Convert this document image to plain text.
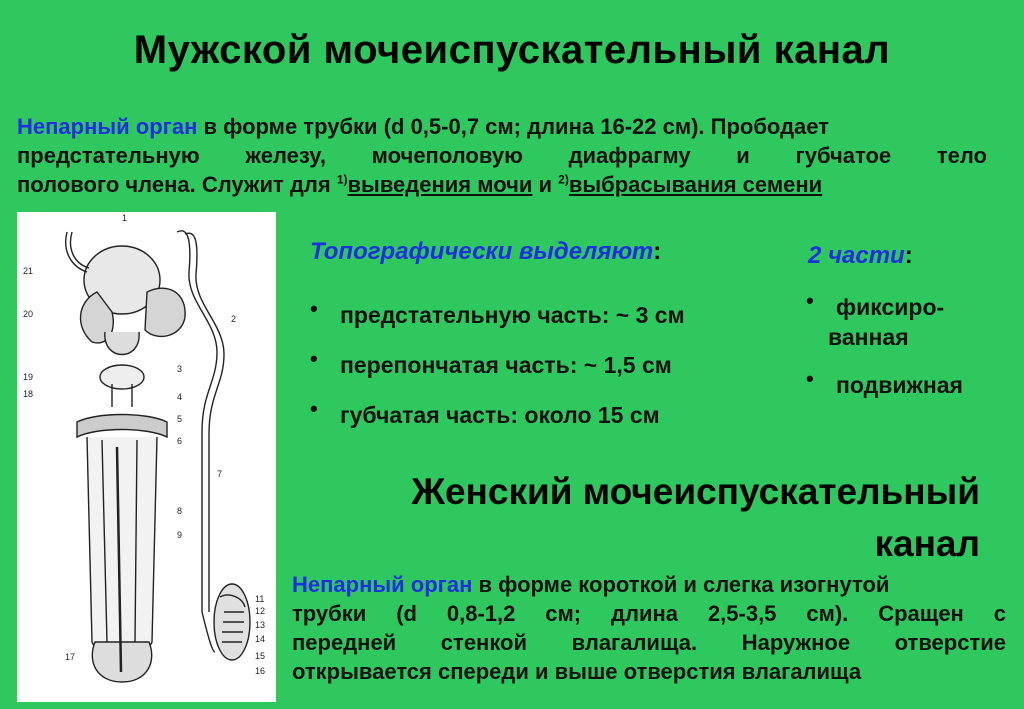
Мужской мочеиспускательный канал
Непарный орган в форме трубки (d 0,5-0,7 см; длина 16-22 см). Прободает
предстательную железу, мочеполовую диафрагму и губчатое тело
полового члена. Служит для $^{1)}$выведения мочи и $^{2)}$выбрасывания семени
1
21
20	2
19
3
18	4
5
6
7
8
9
11
12
13
14
15
16
17
Топографически выделяют:
• предстательную часть: ~ 3 см
• перепончатая часть: ~ 1,5 см
• губчатая часть: около 15 см
2 части:
• фиксиро-
ванная
• подвижная
Женский мочеиспускательный
канал
Непарный орган в форме короткой и слегка изогнутой
трубки (d 0,8-1,2 см; длина 2,5-3,5 см). Сращен с
передней стенкой влагалища. Наружное отверстие
открывается спереди и выше отверстия влагалища
